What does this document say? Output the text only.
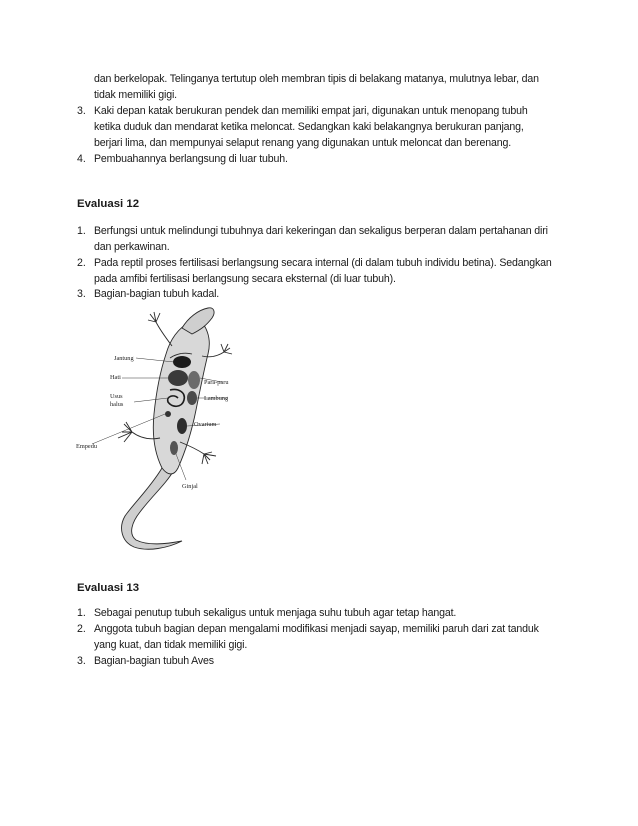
dan berkelopak. Telinganya tertutup oleh membran tipis di belakang matanya, mulutnya lebar, dan
tidak memiliki gigi.
3. Kaki depan katak berukuran pendek dan memiliki empat jari, digunakan untuk menopang tubuh
ketika duduk dan mendarat ketika meloncat. Sedangkan kaki belakangnya berukuran panjang,
berjari lima, dan mempunyai selaput renang yang digunakan untuk meloncat dan berenang.
4. Pembuahannya berlangsung di luar tubuh.
Evaluasi 12
1. Berfungsi untuk melindungi tubuhnya dari kekeringan dan sekaligus berperan dalam pertahanan diri
dan perkawinan.
2. Pada reptil proses fertilisasi berlangsung secara internal (di dalam tubuh individu betina). Sedangkan
pada amfibi fertilisasi berlangsung secara eksternal (di luar tubuh).
3. Bagian-bagian tubuh kadal.
Jantung
Hati
Para-paru
Usus
halus
Lambung
Ovarium
Empedu
Ginjal
Evaluasi 13
1. Sebagai penutup tubuh sekaligus untuk menjaga suhu tubuh agar tetap hangat.
2. Anggota tubuh bagian depan mengalami modifikasi menjadi sayap, memiliki paruh dari zat tanduk
yang kuat, dan tidak memiliki gigi.
3. Bagian-bagian tubuh Aves
